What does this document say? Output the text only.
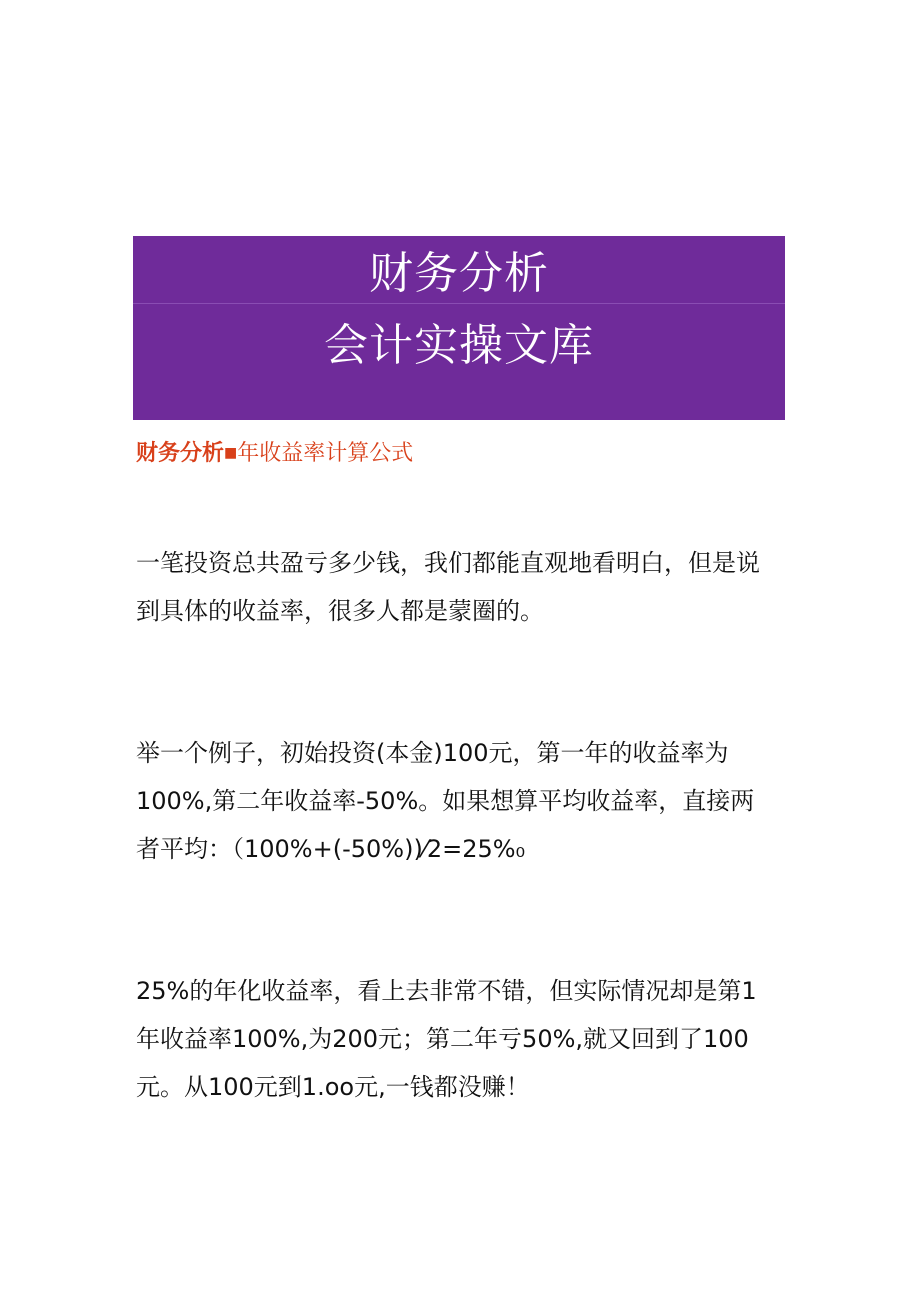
财务分析
会计实操文库
财务分析■年收益率计算公式
一笔投资总共盈亏多少钱，我们都能直观地看明白，但是说
到具体的收益率，很多人都是蒙圈的。
举一个例子，初始投资(本金)100元，第一年的收益率为
100%,第二年收益率-50%。如果想算平均收益率，直接两
者平均：（100%+(-50%))⁄2=25%₀
25%的年化收益率，看上去非常不错，但实际情况却是第1
年收益率100%,为200元；第二年亏50%,就又回到了100
元。从100元到1.oo元,一钱都没赚！
